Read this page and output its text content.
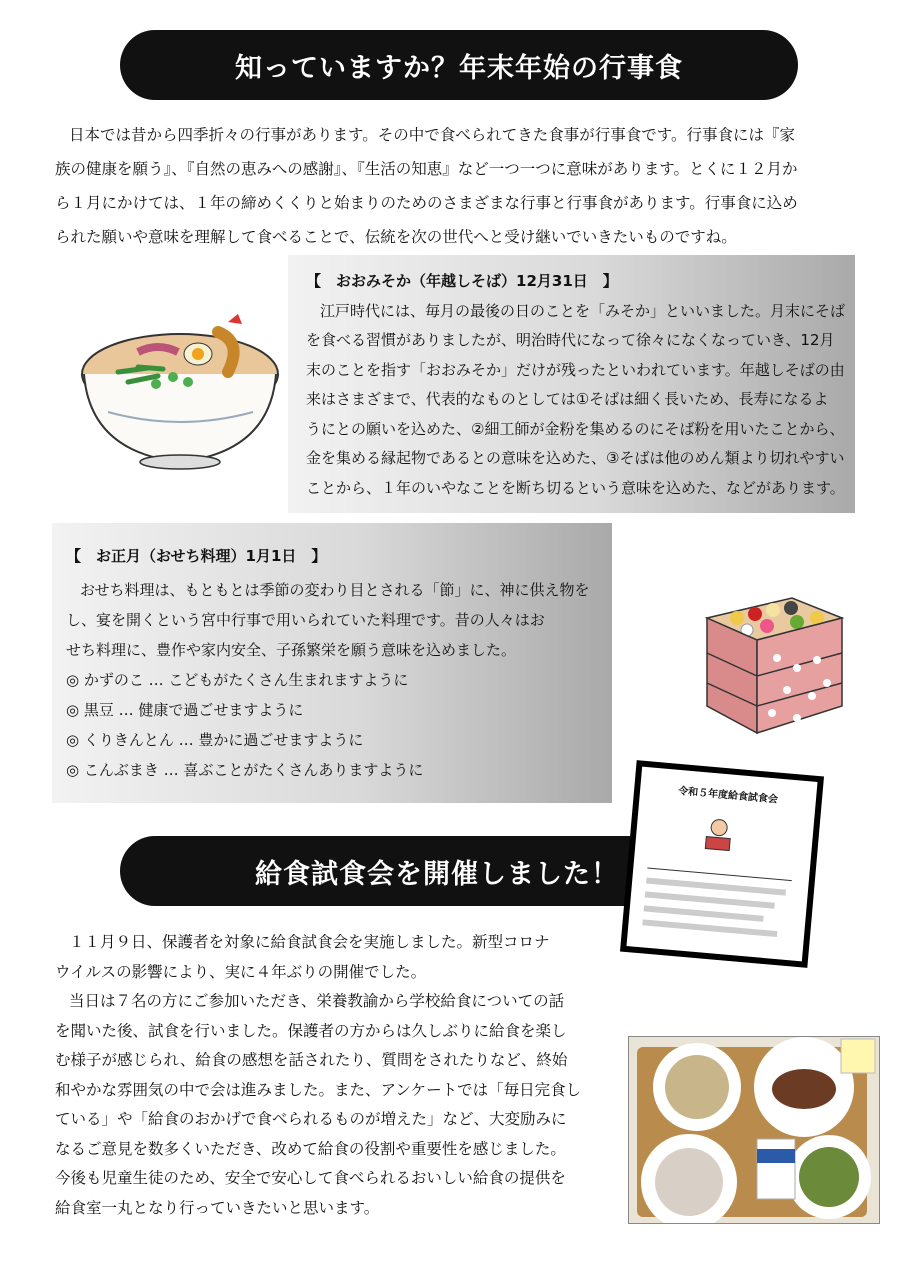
知っていますか？年末年始の行事食

日本では昔から四季折々の行事があります。その中で食べられてきた食事が行事食です。行事食には『家

族の健康を願う』、『自然の恵みへの感謝』、『生活の知恵』など一つ一つに意味があります。とくに１２月か

ら１月にかけては、１年の締めくくりと始まりのためのさまざまな行事と行事食があります。行事食に込め

られた願いや意味を理解して食べることで、伝統を次の世代へと受け継いでいきたいものですね。

【　おおみそか（年越しそば）12月31日　】

江戸時代には、毎月の最後の日のことを「みそか」といいました。月末にそば

を食べる習慣がありましたが、明治時代になって徐々になくなっていき、12月

末のことを指す「おおみそか」だけが残ったといわれています。年越しそばの由

来はさまざまで、代表的なものとしては①そばは細く長いため、長寿になるよ

うにとの願いを込めた、②細工師が金粉を集めるのにそば粉を用いたことから、

金を集める縁起物であるとの意味を込めた、③そばは他のめん類より切れやすい

ことから、１年のいやなことを断ち切るという意味を込めた、などがあります。

【　お正月（おせち料理）1月1日　】

おせち料理は、もともとは季節の変わり目とされる「節」に、神に供え物を

し、宴を開くという宮中行事で用いられていた料理です。昔の人々はお

せち料理に、豊作や家内安全、子孫繁栄を願う意味を込めました。

◎ かずのこ … こどもがたくさん生まれますように

◎ 黒豆 … 健康で過ごせますように

◎ くりきんとん … 豊かに過ごせますように

◎ こんぶまき … 喜ぶことがたくさんありますように

給食試食会を開催しました！
令和５年度給食試食会

１１月９日、保護者を対象に給食試食会を実施しました。新型コロナ

ウイルスの影響により、実に４年ぶりの開催でした。

当日は７名の方にご参加いただき、栄養教諭から学校給食についての話

を聞いた後、試食を行いました。保護者の方からは久しぶりに給食を楽し

む様子が感じられ、給食の感想を話されたり、質問をされたりなど、終始

和やかな雰囲気の中で会は進みました。また、アンケートでは「毎日完食し

ている」や「給食のおかげで食べられるものが増えた」など、大変励みに

なるご意見を数多くいただき、改めて給食の役割や重要性を感じました。

今後も児童生徒のため、安全で安心して食べられるおいしい給食の提供を

給食室一丸となり行っていきたいと思います。
